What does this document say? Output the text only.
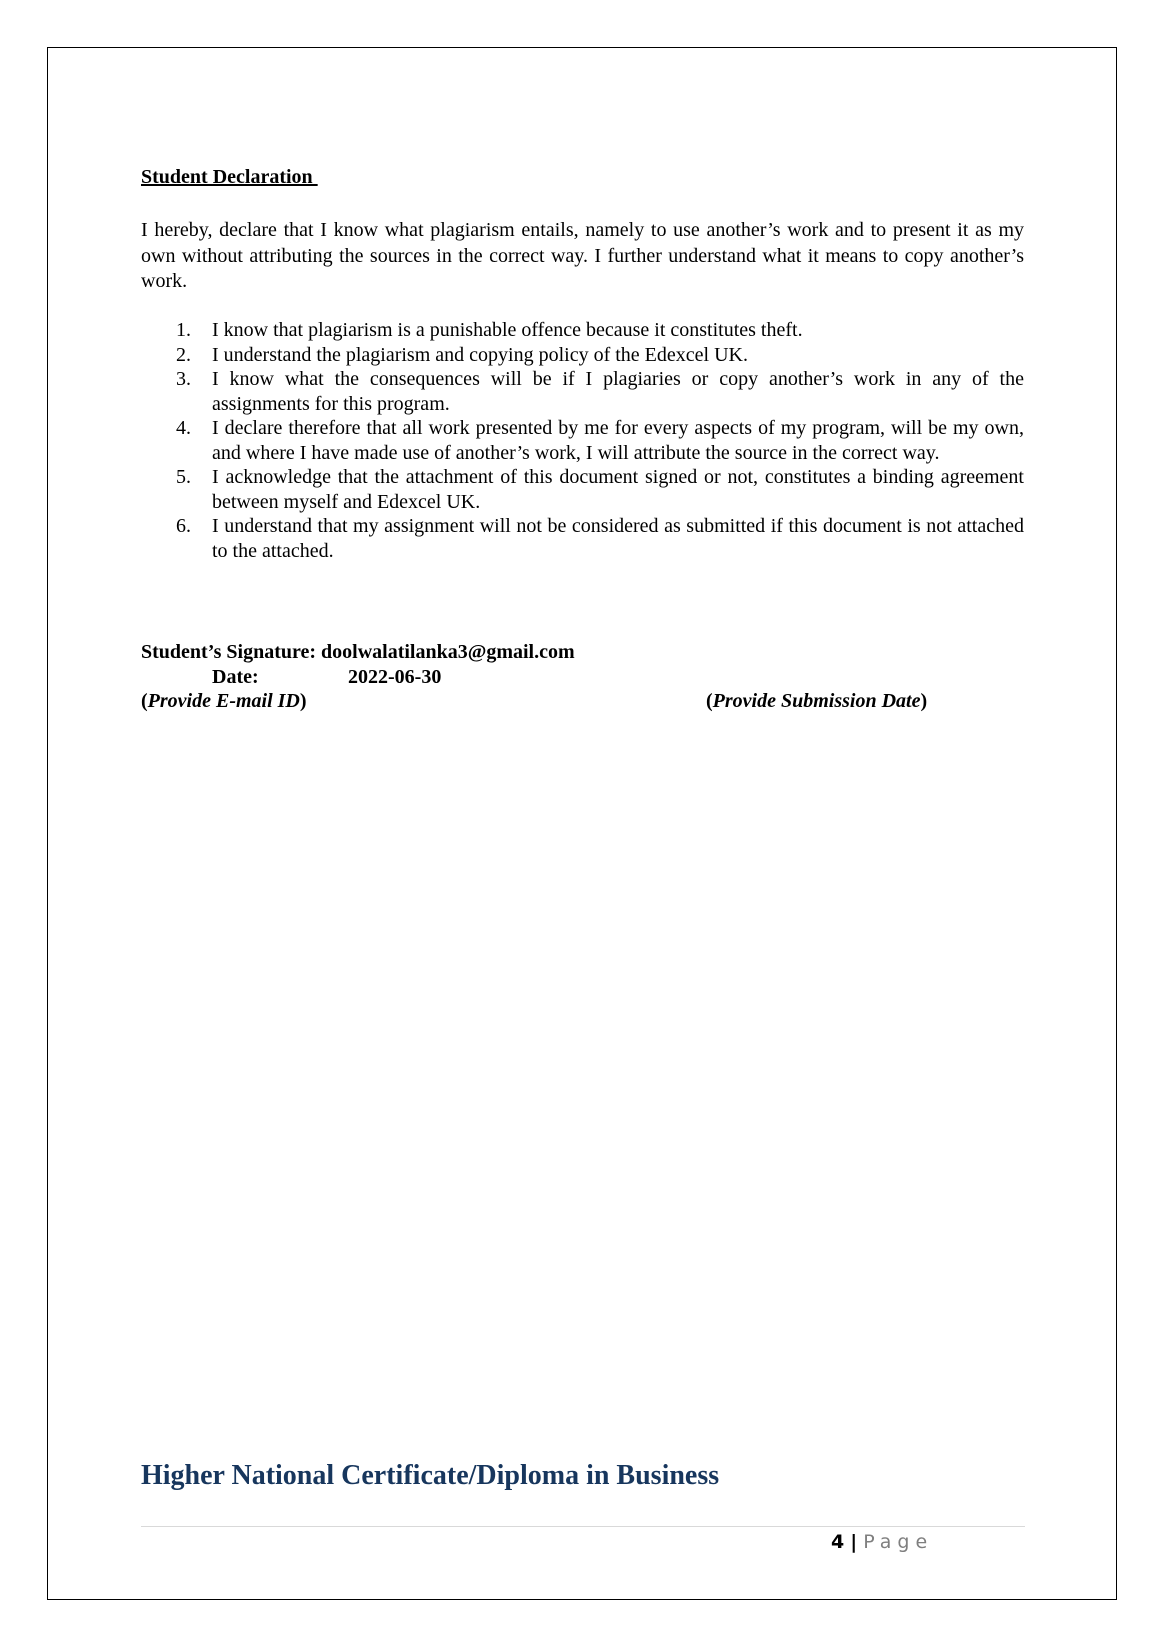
Student Declaration

I hereby, declare that I know what plagiarism entails, namely to use another’s work and to present it as my own without attributing the sources in the correct way. I further understand what it means to copy another’s work.

1. I know that plagiarism is a punishable offence because it constitutes theft.
2. I understand the plagiarism and copying policy of the Edexcel UK.
3. I know what the consequences will be if I plagiaries or copy another’s work in any of the assignments for this program.
4. I declare therefore that all work presented by me for every aspects of my program, will be my own, and where I have made use of another’s work, I will attribute the source in the correct way.
5. I acknowledge that the attachment of this document signed or not, constitutes a binding agreement between myself and Edexcel UK.
6. I understand that my assignment will not be considered as submitted if this document is not attached to the attached.
Student’s Signature: doolwalatilanka3@gmail.com
Date:	2022-06-30
(Provide E-mail ID)	(Provide Submission Date)
Higher National Certificate/Diploma in Business
4 | Page
